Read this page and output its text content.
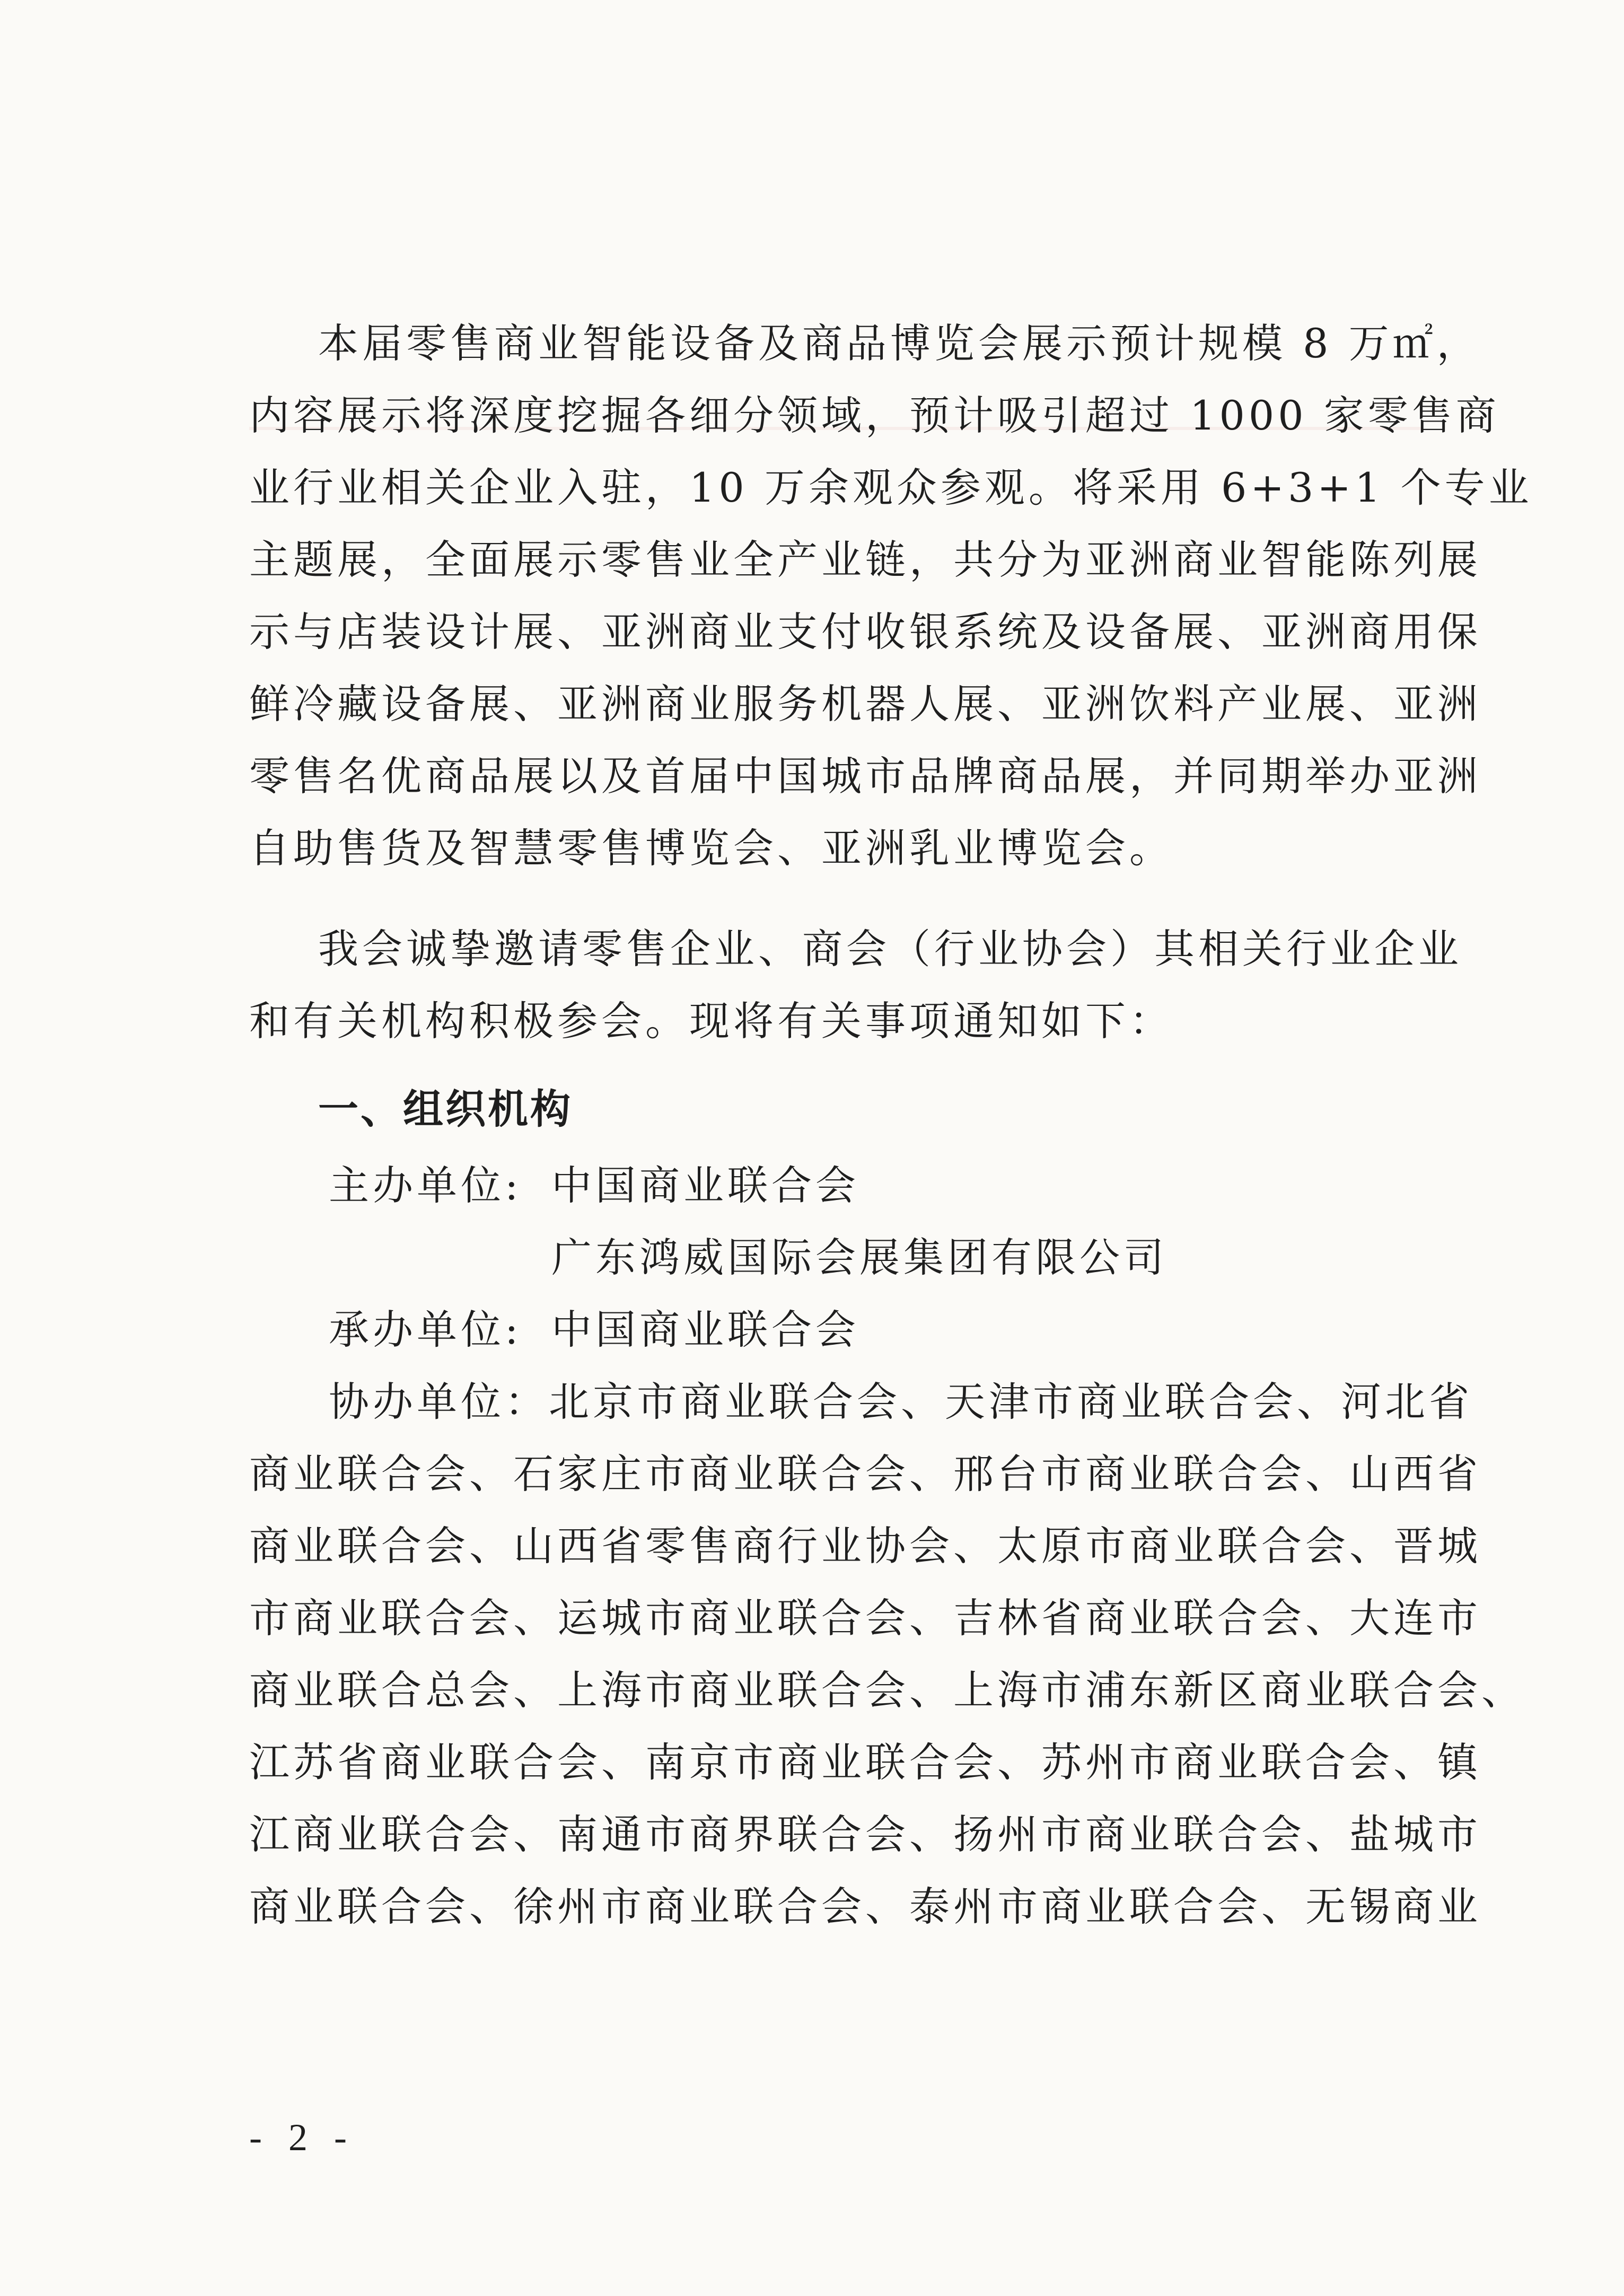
本届零售商业智能设备及商品博览会展示预计规模 8 万㎡，
内容展示将深度挖掘各细分领域，预计吸引超过 1000 家零售商
业行业相关企业入驻，10 万余观众参观。将采用 6+3+1 个专业
主题展，全面展示零售业全产业链，共分为亚洲商业智能陈列展
示与店装设计展、亚洲商业支付收银系统及设备展、亚洲商用保
鲜冷藏设备展、亚洲商业服务机器人展、亚洲饮料产业展、亚洲
零售名优商品展以及首届中国城市品牌商品展，并同期举办亚洲
自助售货及智慧零售博览会、亚洲乳业博览会。
我会诚挚邀请零售企业、商会（行业协会）其相关行业企业
和有关机构积极参会。现将有关事项通知如下：
一、组织机构
主办单位: 中国商业联合会
广东鸿威国际会展集团有限公司
承办单位: 中国商业联合会
协办单位：北京市商业联合会、天津市商业联合会、河北省
商业联合会、石家庄市商业联合会、邢台市商业联合会、山西省
商业联合会、山西省零售商行业协会、太原市商业联合会、晋城
市商业联合会、运城市商业联合会、吉林省商业联合会、大连市
商业联合总会、上海市商业联合会、上海市浦东新区商业联合会、
江苏省商业联合会、南京市商业联合会、苏州市商业联合会、镇
江商业联合会、南通市商界联合会、扬州市商业联合会、盐城市
商业联合会、徐州市商业联合会、泰州市商业联合会、无锡商业
- 2 -
